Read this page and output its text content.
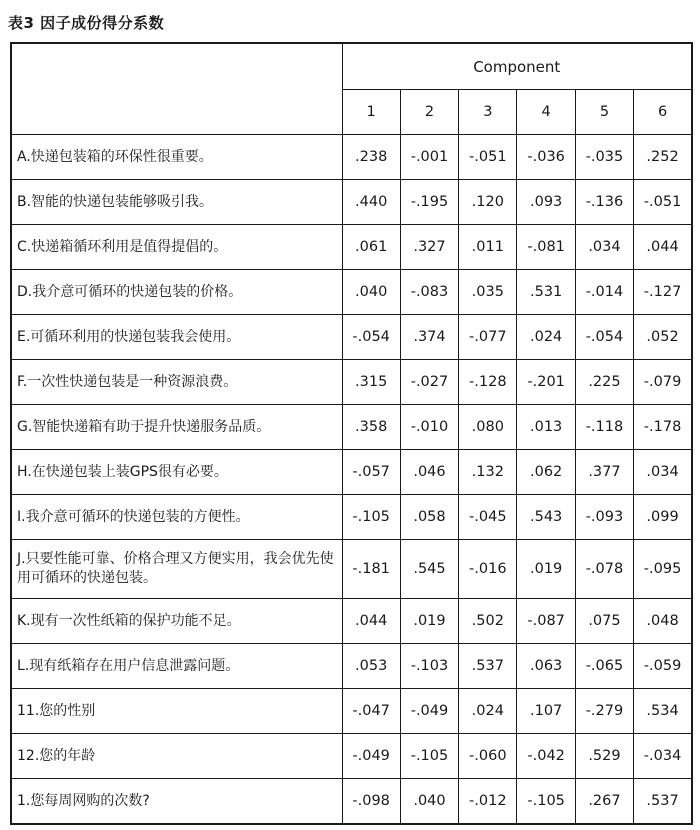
表3 因子成份得分系数
	Component					
	1	2	3	4	5	6
A.快递包装箱的环保性很重要。	.238	-.001	-.051	-.036	-.035	.252
B.智能的快递包装能够吸引我。	.440	-.195	.120	.093	-.136	-.051
C.快递箱循环利用是值得提倡的。	.061	.327	.011	-.081	.034	.044
D.我介意可循环的快递包装的价格。	.040	-.083	.035	.531	-.014	-.127
E.可循环利用的快递包装我会使用。	-.054	.374	-.077	.024	-.054	.052
F.一次性快递包装是一种资源浪费。	.315	-.027	-.128	-.201	.225	-.079
G.智能快递箱有助于提升快递服务品质。	.358	-.010	.080	.013	-.118	-.178
H.在快递包装上装GPS很有必要。	-.057	.046	.132	.062	.377	.034
I.我介意可循环的快递包装的方便性。	-.105	.058	-.045	.543	-.093	.099
J.只要性能可靠、价格合理又方便实用，我会优先使用可循环的快递包装。	-.181	.545	-.016	.019	-.078	-.095
K.现有一次性纸箱的保护功能不足。	.044	.019	.502	-.087	.075	.048
L.现有纸箱存在用户信息泄露问题。	.053	-.103	.537	.063	-.065	-.059
11.您的性别	-.047	-.049	.024	.107	-.279	.534
12.您的年龄	-.049	-.105	-.060	-.042	.529	-.034
1.您每周网购的次数?	-.098	.040	-.012	-.105	.267	.537
